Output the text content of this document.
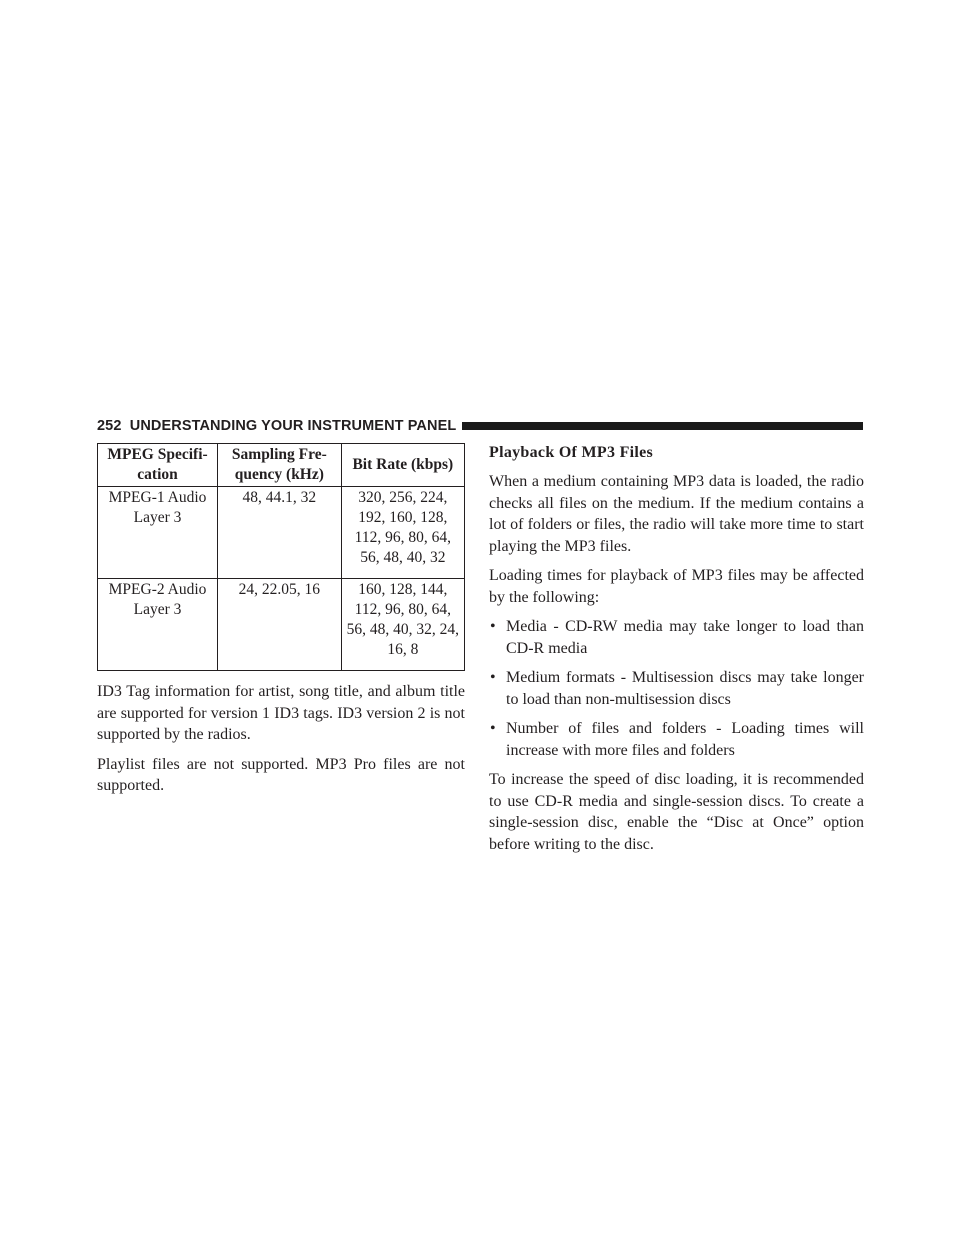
252 UNDERSTANDING YOUR INSTRUMENT PANEL
MPEG Specifi- cation	Sampling Fre- quency (kHz)	Bit Rate (kbps)
MPEG-1 Audio Layer 3	48, 44.1, 32	320, 256, 224, 192, 160, 128, 112, 96, 80, 64, 56, 48, 40, 32
MPEG-2 Audio Layer 3	24, 22.05, 16	160, 128, 144, 112, 96, 80, 64, 56, 48, 40, 32, 24, 16, 8

ID3 Tag information for artist, song title, and album title are supported for version 1 ID3 tags. ID3 version 2 is not supported by the radios.

Playlist files are not supported. MP3 Pro files are not supported.

Playback Of MP3 Files

When a medium containing MP3 data is loaded, the radio checks all files on the medium. If the medium contains a lot of folders or files, the radio will take more time to start playing the MP3 files.

Loading times for playback of MP3 files may be affected by the following:

• Media - CD-RW media may take longer to load than CD-R media
• Medium formats - Multisession discs may take longer to load than non-multisession discs
• Number of files and folders - Loading times will increase with more files and folders

To increase the speed of disc loading, it is recommended to use CD-R media and single-session discs. To create a single-session disc, enable the “Disc at Once” option before writing to the disc.
